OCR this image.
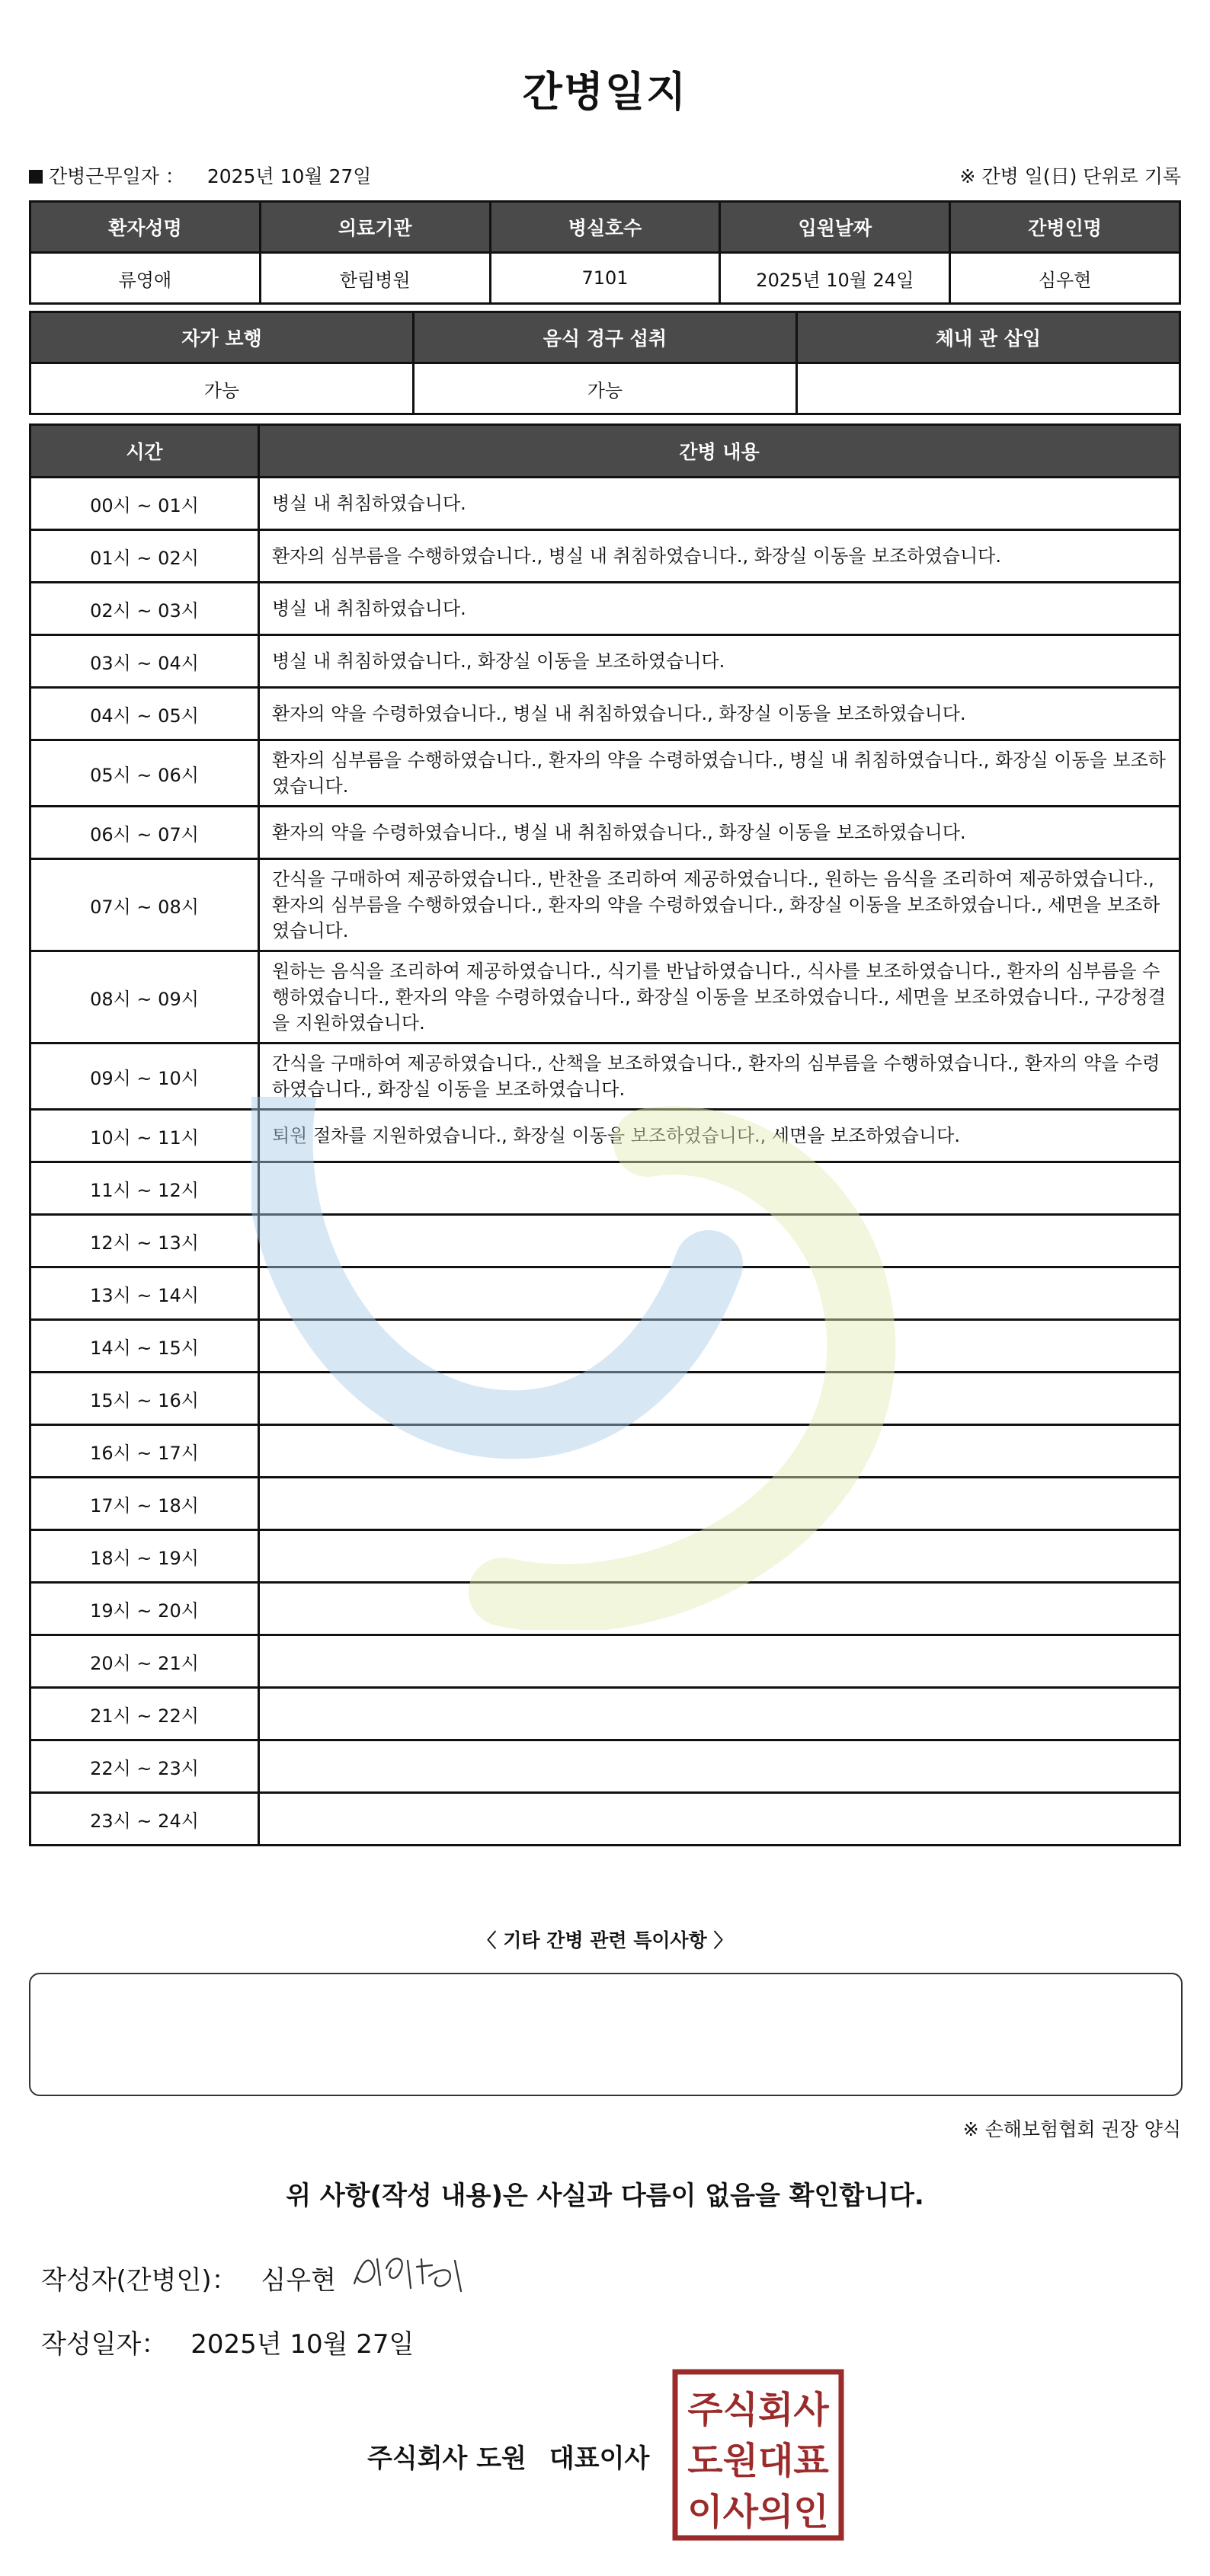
간병일지
간병근무일자 ： 2025년 10월 27일	※ 간병 일(日) 단위로 기록
환자성명	의료기관	병실호수	입원날짜	간병인명
류영애	한림병원	7101	2025년 10월 24일	심우현
자가 보행	음식 경구 섭취	체내 관 삽입
가능	가능	
시간	간병 내용
00시 ~ 01시	병실 내 취침하였습니다.
01시 ~ 02시	환자의 심부름을 수행하였습니다., 병실 내 취침하였습니다., 화장실 이동을 보조하였습니다.
02시 ~ 03시	병실 내 취침하였습니다.
03시 ~ 04시	병실 내 취침하였습니다., 화장실 이동을 보조하였습니다.
04시 ~ 05시	환자의 약을 수령하였습니다., 병실 내 취침하였습니다., 화장실 이동을 보조하였습니다.
05시 ~ 06시	환자의 심부름을 수행하였습니다., 환자의 약을 수령하였습니다., 병실 내 취침하였습니다., 화장실 이동을 보조하였습니다.
06시 ~ 07시	환자의 약을 수령하였습니다., 병실 내 취침하였습니다., 화장실 이동을 보조하였습니다.
07시 ~ 08시	간식을 구매하여 제공하였습니다., 반찬을 조리하여 제공하였습니다., 원하는 음식을 조리하여 제공하였습니다., 환자의 심부름을 수행하였습니다., 환자의 약을 수령하였습니다., 화장실 이동을 보조하였습니다., 세면을 보조하였습니다.
08시 ~ 09시	원하는 음식을 조리하여 제공하였습니다., 식기를 반납하였습니다., 식사를 보조하였습니다., 환자의 심부름을 수행하였습니다., 환자의 약을 수령하였습니다., 화장실 이동을 보조하였습니다., 세면을 보조하였습니다., 구강청결을 지원하였습니다.
09시 ~ 10시	간식을 구매하여 제공하였습니다., 산책을 보조하였습니다., 환자의 심부름을 수행하였습니다., 환자의 약을 수령하였습니다., 화장실 이동을 보조하였습니다.
10시 ~ 11시	퇴원 절차를 지원하였습니다., 화장실 이동을 보조하였습니다., 세면을 보조하였습니다.
11시 ~ 12시	
12시 ~ 13시	
13시 ~ 14시	
14시 ~ 15시	
15시 ~ 16시	
16시 ~ 17시	
17시 ~ 18시	
18시 ~ 19시	
19시 ~ 20시	
20시 ~ 21시	
21시 ~ 22시	
22시 ~ 23시	
23시 ~ 24시	
〈 기타 간병 관련 특이사항 〉
※ 손해보험협회 권장 양식
위 사항(작성 내용)은 사실과 다름이 없음을 확인합니다.
작성자(간병인)： 심우현
작성일자： 2025년 10월 27일
주식회사 도원 대표이사
주식회사
도원대표
이사의인
